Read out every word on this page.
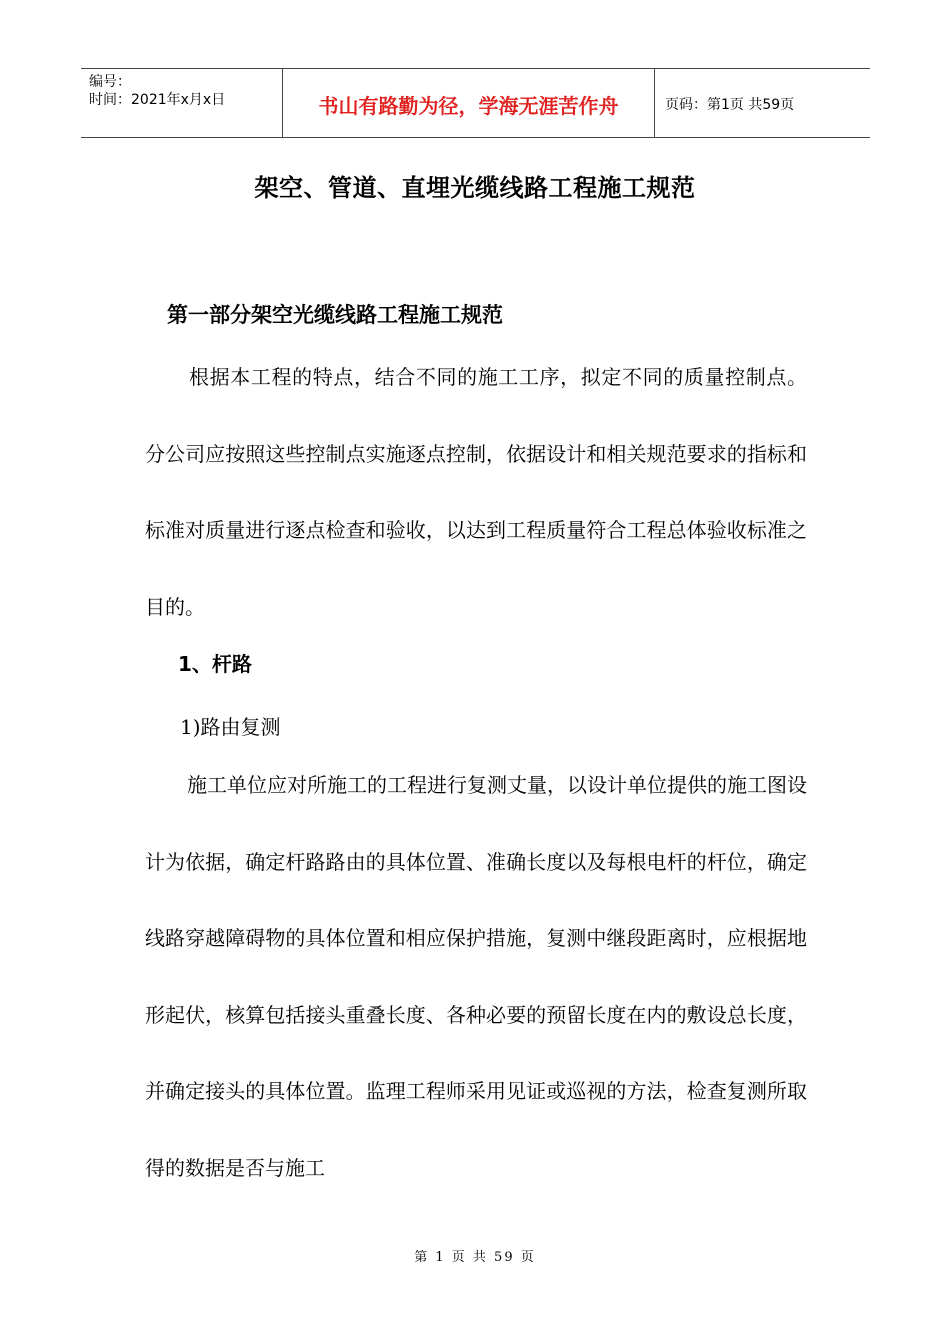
编号：
时间：2021年x月x日	书山有路勤为径，学海无涯苦作舟	页码：第1页 共59页
架空、管道、直埋光缆线路工程施工规范
第一部分架空光缆线路工程施工规范

根据本工程的特点，结合不同的施工工序，拟定不同的质量控制点。分公司应按照这些控制点实施逐点控制，依据设计和相关规范要求的指标和标准对质量进行逐点检查和验收，以达到工程质量符合工程总体验收标准之目的。

1、杆路
1)路由复测

施工单位应对所施工的工程进行复测丈量，以设计单位提供的施工图设计为依据，确定杆路路由的具体位置、准确长度以及每根电杆的杆位，确定线路穿越障碍物的具体位置和相应保护措施，复测中继段距离时，应根据地形起伏，核算包括接头重叠长度、各种必要的预留长度在内的敷设总长度，并确定接头的具体位置。监理工程师采用见证或巡视的方法，检查复测所取得的数据是否与施工

第 1 页 共 59 页
